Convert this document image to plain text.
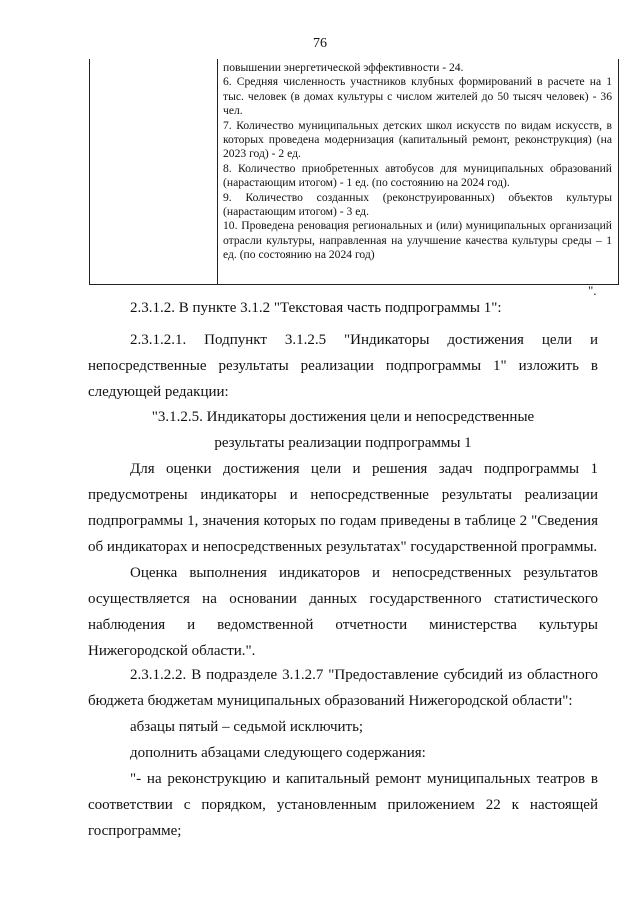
76

повышении энергетической эффективности - 24.

6. Средняя численность участников клубных формирований в расчете на 1 тыс. человек (в домах культуры с числом жителей до 50 тысяч человек) - 36 чел.

7. Количество муниципальных детских школ искусств по видам искусств, в которых проведена модернизация (капитальный ремонт, реконструкция) (на 2023 год) - 2 ед.

8. Количество приобретенных автобусов для муниципальных образований (нарастающим итогом) - 1 ед. (по состоянию на 2024 год).

9. Количество созданных (реконструированных) объектов культуры (нарастающим итогом) - 3 ед.

10. Проведена реновация региональных и (или) муниципальных организаций отрасли культуры, направленная на улучшение качества культуры среды – 1 ед. (по состоянию на 2024 год)

".

2.3.1.2. В пункте 3.1.2 "Текстовая часть подпрограммы 1":

2.3.1.2.1. Подпункт 3.1.2.5 "Индикаторы достижения цели и непосредственные результаты реализации подпрограммы 1" изложить в следующей редакции:

"3.1.2.5. Индикаторы достижения цели и непосредственные

результаты реализации подпрограммы 1

Для оценки достижения цели и решения задач подпрограммы 1 предусмотрены индикаторы и непосредственные результаты реализации подпрограммы 1, значения которых по годам приведены в таблице 2 "Сведения об индикаторах и непосредственных результатах" государственной программы.

Оценка выполнения индикаторов и непосредственных результатов осуществляется на основании данных государственного статистического наблюдения и ведомственной отчетности министерства культуры Нижегородской области.".

2.3.1.2.2. В подразделе 3.1.2.7 "Предоставление субсидий из областного бюджета бюджетам муниципальных образований Нижегородской области":

абзацы пятый – седьмой исключить;

дополнить абзацами следующего содержания:

"- на реконструкцию и капитальный ремонт муниципальных театров в соответствии с порядком, установленным приложением 22 к настоящей госпрограмме;
